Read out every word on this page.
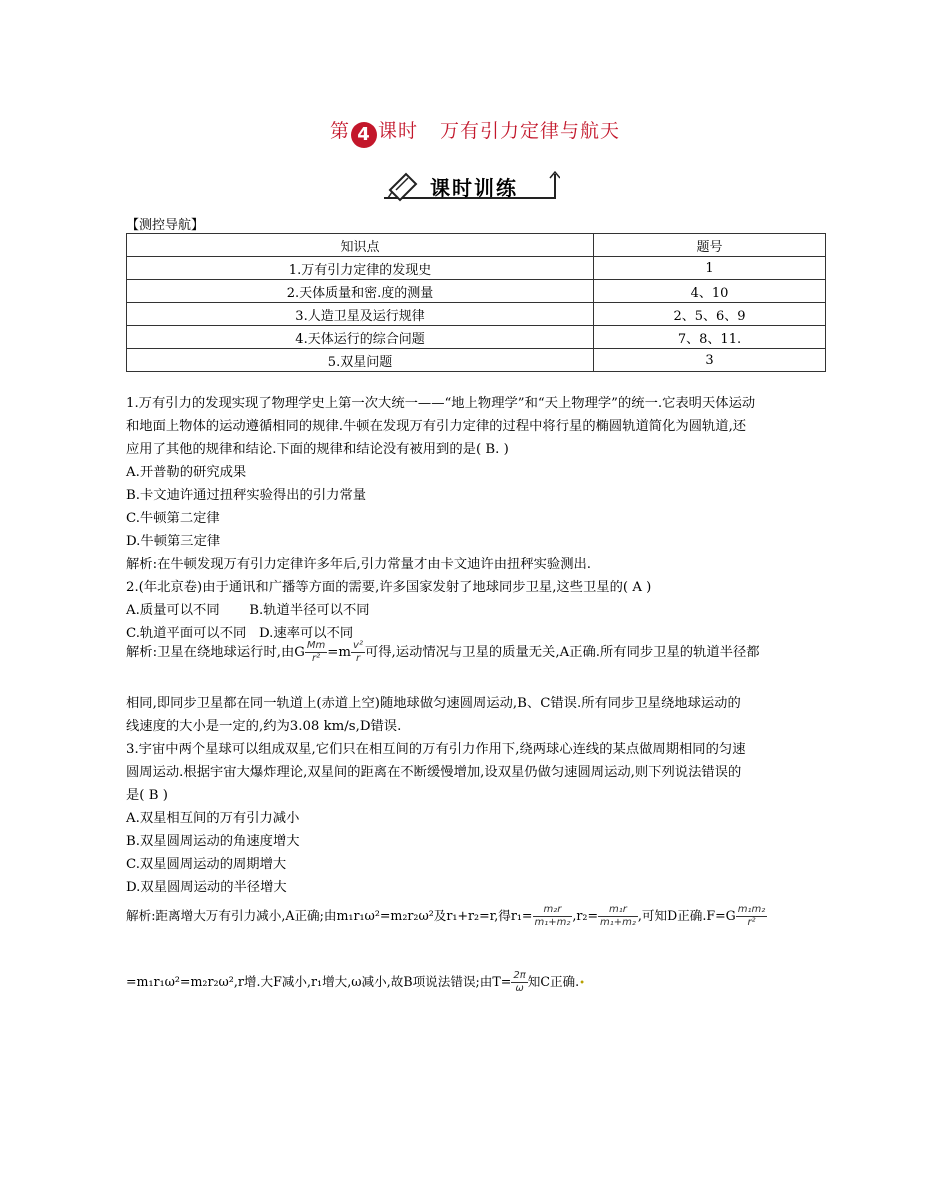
第 4 课时 万有引力定律与航天
课时训练
【测控导航】
知识点	题号
1.万有引力定律的发现史	1
2.天体质量和密.度的测量	4、10
3.人造卫星及运行规律	2、5、6、9
4.天体运行的综合问题	7、8、11.
5.双星问题	3

1.万有引力的发现实现了物理学史上第一次大统一——“地上物理学”和“天上物理学”的统一.它表明天体运动

和地面上物体的运动遵循相同的规律.牛顿在发现万有引力定律的过程中将行星的椭圆轨道简化为圆轨道,还

应用了其他的规律和结论.下面的规律和结论没有被用到的是( B. )

A.开普勒的研究成果

B.卡文迪许通过扭秤实验得出的引力常量

C.牛顿第二定律

D.牛顿第三定律

解析:在牛顿发现万有引力定律许多年后,引力常量才由卡文迪许由扭秤实验测出.

2.(年北京卷)由于通讯和广播等方面的需要,许多国家发射了地球同步卫星,这些卫星的( A )

A.质量可以不同       B.轨道半径可以不同

C.轨道平面可以不同   D.速率可以不同

解析:卫星在绕地球运行时,由G $\frac{Mm}{\text{r²}} =m \frac{\text{v²}}{r}$ 可得,运动情况与卫星的质量无关,A正确.所有同步卫星的轨道半径都

相同,即同步卫星都在同一轨道上(赤道上空)随地球做匀速圆周运动,B、C错误.所有同步卫星绕地球运动的

线速度的大小是一定的,约为3.08 km/s,D错误.

3.宇宙中两个星球可以组成双星,它们只在相互间的万有引力作用下,绕两球心连线的某点做周期相同的匀速

圆周运动.根据宇宙大爆炸理论,双星间的距离在不断缓慢增加,设双星仍做匀速圆周运动,则下列说法错误的

是( B )

A.双星相互间的万有引力减小

B.双星圆周运动的角速度增大

C.双星圆周运动的周期增大

D.双星圆周运动的半径增大

解析:距离增大万有引力减小,A正确;由m₁r₁ω²=m₂r₂ω²及r₁+r₂=r,得$r_1= \frac{\text{m₂r}}{\text{m₁+m₂}} ,r_2= \frac{\text{m₁r}}{\text{m₁+m₂}}$ ,可知D正确$.F=G \frac{\text{m₁m₂}}{\text{r²}}$

=m₁r₁ω²=m₂r₂ω²,r增.大F减小,r₁增大,ω减小,故B项说法错误;由$T= \frac{2\pi}{\omega}$ 知C正确.•
